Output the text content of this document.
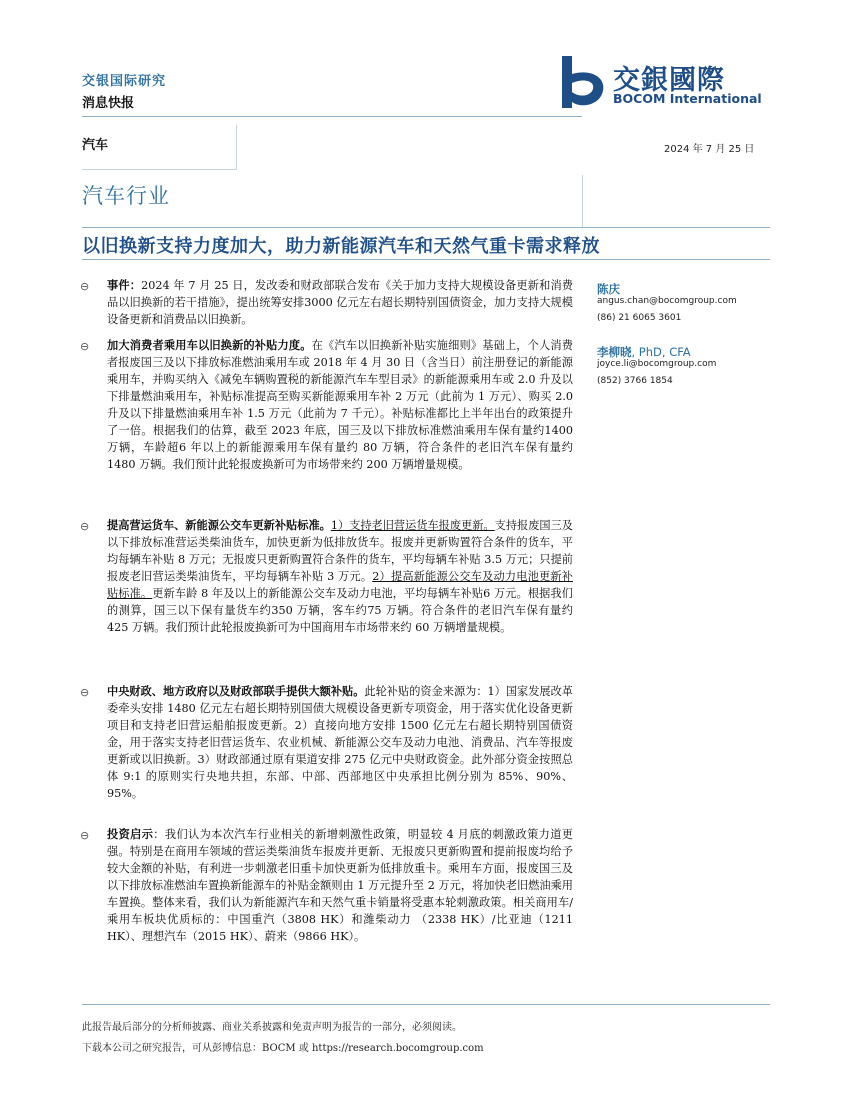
交银国际研究
消息快报
交銀國際
BOCOM International
汽车	2024 年 7 月 25 日
汽车行业
以旧换新支持力度加大，助力新能源汽车和天然气重卡需求释放
陈庆
angus.chan@bocomgroup.com
(86) 21 6065 3601
李柳晓, PhD, CFA
joyce.li@bocomgroup.com
(852) 3766 1854
⊖ 事件：2024 年 7 月 25 日，发改委和财政部联合发布《关于加力支持大规模设备更新和消费品以旧换新的若干措施》，提出统筹安排3000 亿元左右超长期特别国债资金，加力支持大规模设备更新和消费品以旧换新。
⊖ 加大消费者乘用车以旧换新的补贴力度。在《汽车以旧换新补贴实施细则》基础上，个人消费者报废国三及以下排放标准燃油乘用车或 2018 年 4 月 30 日（含当日）前注册登记的新能源乘用车，并购买纳入《减免车辆购置税的新能源汽车车型目录》的新能源乘用车或 2.0 升及以下排量燃油乘用车，补贴标准提高至购买新能源乘用车补 2 万元（此前为 1 万元）、购买 2.0 升及以下排量燃油乘用车补 1.5 万元（此前为 7 千元）。补贴标准都比上半年出台的政策提升了一倍。根据我们的估算，截至 2023 年底，国三及以下排放标准燃油乘用车保有量约1400 万辆，车龄超6 年以上的新能源乘用车保有量约 80 万辆，符合条件的老旧汽车保有量约 1480 万辆。我们预计此轮报废换新可为市场带来约 200 万辆增量规模。
⊖ 提高营运货车、新能源公交车更新补贴标准。1）支持老旧营运货车报废更新。支持报废国三及以下排放标准营运类柴油货车，加快更新为低排放货车。报废并更新购置符合条件的货车，平均每辆车补贴 8 万元；无报废只更新购置符合条件的货车，平均每辆车补贴 3.5 万元；只提前报废老旧营运类柴油货车，平均每辆车补贴 3 万元。2）提高新能源公交车及动力电池更新补贴标准。更新车龄 8 年及以上的新能源公交车及动力电池，平均每辆车补贴6 万元。根据我们的测算，国三以下保有量货车约350 万辆，客车约75 万辆。符合条件的老旧汽车保有量约425 万辆。我们预计此轮报废换新可为中国商用车市场带来约 60 万辆增量规模。
⊖ 中央财政、地方政府以及财政部联手提供大额补贴。此轮补贴的资金来源为：1）国家发展改革委牵头安排 1480 亿元左右超长期特别国债大规模设备更新专项资金，用于落实优化设备更新项目和支持老旧营运船舶报废更新。2）直接向地方安排 1500 亿元左右超长期特别国债资金，用于落实支持老旧营运货车、农业机械、新能源公交车及动力电池、消费品、汽车等报废更新或以旧换新。3）财政部通过原有渠道安排 275 亿元中央财政资金。此外部分资金按照总体 9:1 的原则实行央地共担，东部、中部、西部地区中央承担比例分别为 85%、90%、95%。
⊖ 投资启示：我们认为本次汽车行业相关的新增刺激性政策，明显较 4 月底的刺激政策力道更强。特别是在商用车领域的营运类柴油货车报废并更新、无报废只更新购置和提前报废均给予较大金额的补贴，有利进一步刺激老旧重卡加快更新为低排放重卡。乘用车方面，报废国三及以下排放标准燃油车置换新能源车的补贴金额则由 1 万元提升至 2 万元，将加快老旧燃油乘用车置换。整体来看，我们认为新能源汽车和天然气重卡销量将受惠本轮刺激政策。相关商用车/乘用车板块优质标的：中国重汽（3808 HK）和潍柴动力 （2338 HK）/比亚迪（1211 HK）、理想汽车（2015 HK）、蔚来（9866 HK）。
此报告最后部分的分析师披露、商业关系披露和免责声明为报告的一部分，必须阅读。
下载本公司之研究报告，可从彭博信息：BOCM 或 https://research.bocomgroup.com
